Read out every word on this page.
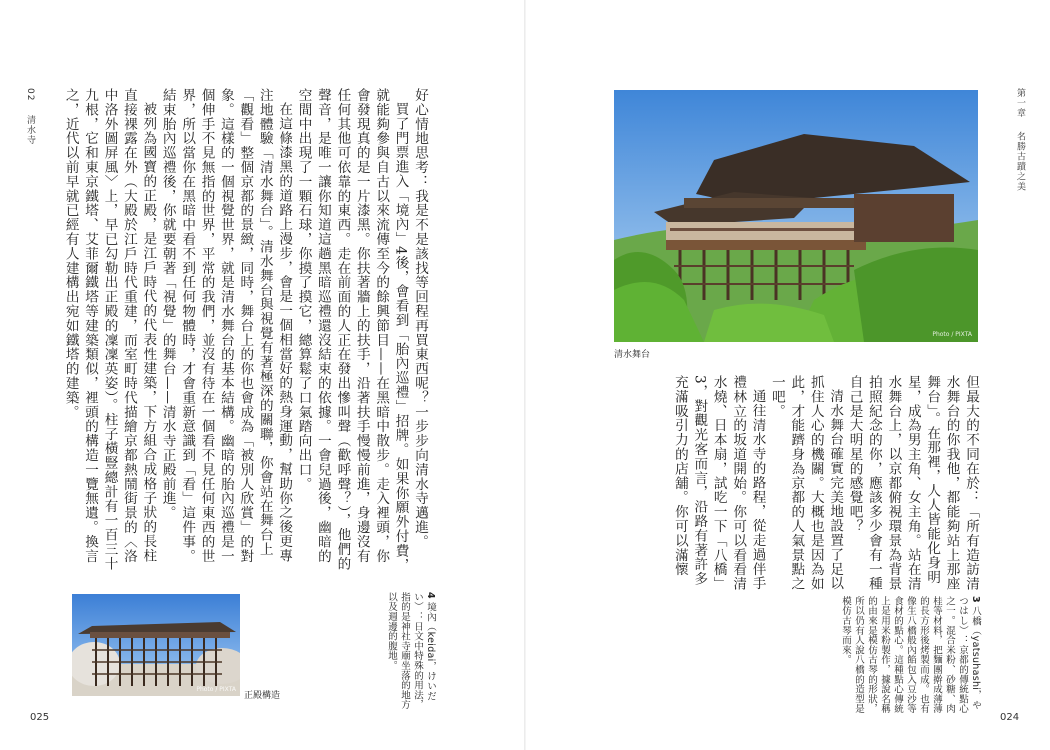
02  清水寺	好心情地思考：我是不是該找等回程再買東西呢？一步步向清水寺邁進。

買了門票進入「境內」4後，會看到「胎內巡禮」招牌。如果你願外付費，就能夠參與自古以來流傳至今的餘興節目——在黑暗中散步。走入裡頭，你會發現真的是一片漆黑。你扶著牆上的扶手，沿著扶手慢慢前進，身邊沒有任何其他可依靠的東西。走在前面的人正在發出慘叫聲（歡呼聲？），他們的聲音，是唯一讓你知道這趟黑暗巡禮還沒結束的依據。一會兒過後，幽暗的空間中出現了一顆石球，你摸了摸它，總算鬆了口氣踏向出口。

在這條漆黑的道路上漫步，會是一個相當好的熱身運動，幫助你之後更專注地體驗「清水舞台」。清水舞台與視覺有著極深的關聯，你會站在舞台上「觀看」整個京都的景緻，同時，舞台上的你也會成為「被別人欣賞」的對象。這樣的一個視覺世界，就是清水舞台的基本結構。幽暗的胎內巡禮是一個伸手不見無指的世界，平常的我們，並沒有待在一個看不見任何東西的世界，所以當你在黑暗中看不到任何物體時，才會重新意識到「看」這件事。結束胎內巡禮後，你就要朝著「視覺」的舞台——清水寺正殿前進。

被列為國寶的正殿，是江戶時代的代表性建築，下方組合成格子狀的長柱直接裸露在外（大殿於江戶時代重建，而室町時代描繪京都熱鬧街景的〈洛中洛外圖屏風〉上，早已勾勒出正殿的凜凜英姿）。柱子橫豎總計有一百三十九根，它和東京鐵塔、艾菲爾鐵塔等建築類似，裡頭的構造一覽無遺。換言之，近代以前早就已經有人建構出宛如鐵塔的建築。

4 境內（keidai，けいだい）：日文中特殊的用法，指的是神社寺廟坐落的地方以及週邊的腹地。
Photo / PIXTA
正殿構造
025
第一章  名勝古蹟之美
Photo / PIXTA
清水舞台

但最大的不同在於：「所有造訪清水舞台的你我他，都能夠站上那座舞台」。在那裡，人人皆能化身明星，成為男主角、女主角。站在清水舞台上，以京都俯視環景為背景拍照紀念的你，應該多少會有一種自己是大明星的感覺吧？

清水舞台確實完美地設置了足以抓住人心的機關。大概也是因為如此，才能躋身為京都的人氣景點之一吧。

通往清水寺的路程，從走過伴手禮林立的坂道開始。你可以看看清水燒、日本扇，試吃一下「八橋」3，對觀光客而言，沿路有著許多充滿吸引力的店舖。你可以滿懷

3 八橋（yatsuhashi，やつはし）：京都的傳統點心之一。混合米粉、砂糖、肉桂等材料，把麵團擀成薄薄的長方形後烤製而成。也有像生八橋般內餡包入豆沙等食材的點心。這種點心傳統上是用米粉製作，據說名稱的由來是模仿古琴的形狀，所以仍有人說八橋的造型是模仿古琴而來。
024
